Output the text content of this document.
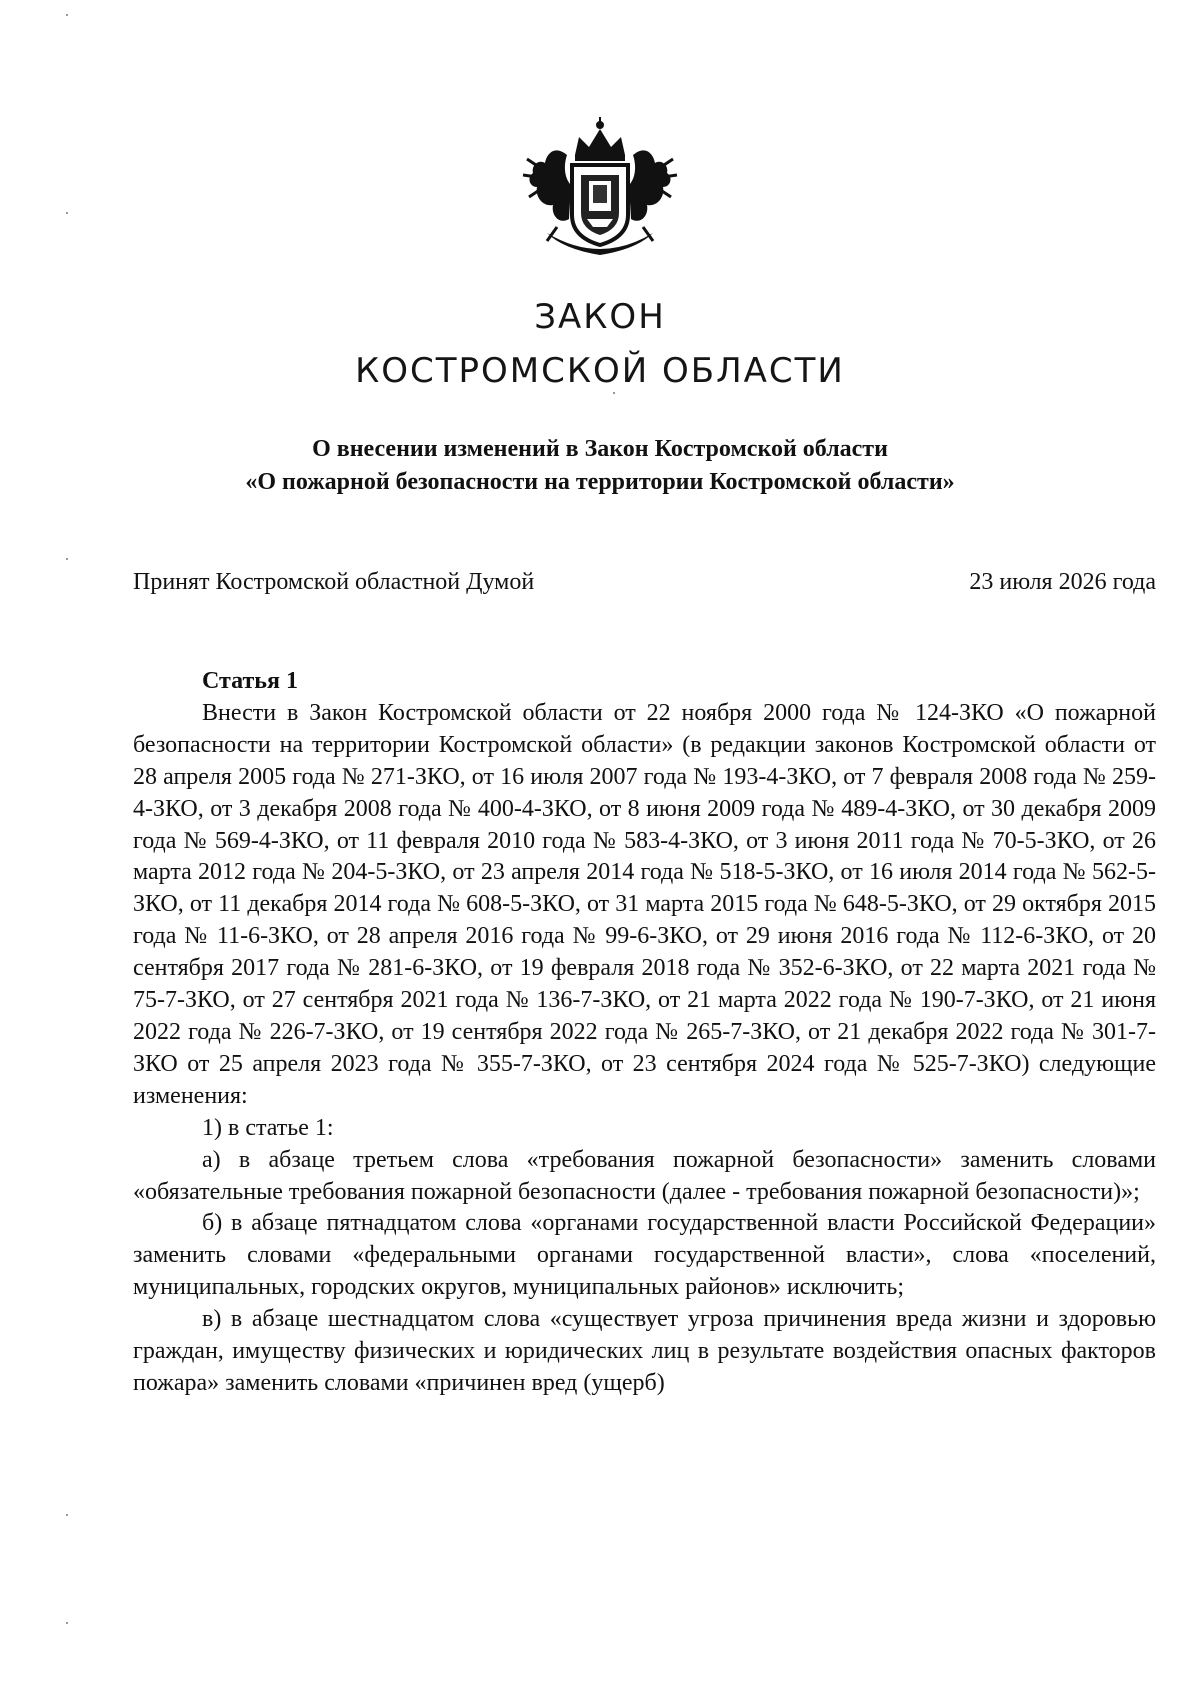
ЗАКОН
КОСТРОМСКОЙ ОБЛАСТИ
О внесении изменений в Закон Костромской области
«О пожарной безопасности на территории Костромской области»
Принят Костромской областной Думой	23 июля 2026 года
Статья 1

Внести в Закон Костромской области от 22 ноября 2000 года № 124-ЗКО «О пожарной безопасности на территории Костромской области» (в редакции законов Костромской области от 28 апреля 2005 года № 271-ЗКО, от 16 июля 2007 года № 193-4-ЗКО, от 7 февраля 2008 года № 259-4-ЗКО, от 3 декабря 2008 года № 400-4-ЗКО, от 8 июня 2009 года № 489-4-ЗКО, от 30 декабря 2009 года № 569-4-ЗКО, от 11 февраля 2010 года № 583-4-ЗКО, от 3 июня 2011 года № 70-5-ЗКО, от 26 марта 2012 года № 204-5-ЗКО, от 23 апреля 2014 года № 518-5-ЗКО, от 16 июля 2014 года № 562-5-ЗКО, от 11 декабря 2014 года № 608-5-ЗКО, от 31 марта 2015 года № 648-5-ЗКО, от 29 октября 2015 года № 11-6-ЗКО, от 28 апреля 2016 года № 99-6-ЗКО, от 29 июня 2016 года № 112-6-ЗКО, от 20 сентября 2017 года № 281-6-ЗКО, от 19 февраля 2018 года № 352-6-ЗКО, от 22 марта 2021 года № 75-7-ЗКО, от 27 сентября 2021 года № 136-7-ЗКО, от 21 марта 2022 года № 190-7-ЗКО, от 21 июня 2022 года № 226-7-ЗКО, от 19 сентября 2022 года № 265-7-ЗКО, от 21 декабря 2022 года № 301-7-ЗКО от 25 апреля 2023 года № 355-7-ЗКО, от 23 сентября 2024 года № 525-7-ЗКО) следующие изменения:

1) в статье 1:

а) в абзаце третьем слова «требования пожарной безопасности» заменить словами «обязательные требования пожарной безопасности (далее - требования пожарной безопасности)»;

б) в абзаце пятнадцатом слова «органами государственной власти Российской Федерации» заменить словами «федеральными органами государственной власти», слова «поселений, муниципальных, городских округов, муниципальных районов» исключить;

в) в абзаце шестнадцатом слова «существует угроза причинения вреда жизни и здоровью граждан, имуществу физических и юридических лиц в результате воздействия опасных факторов пожара» заменить словами «причинен вред (ущерб)
